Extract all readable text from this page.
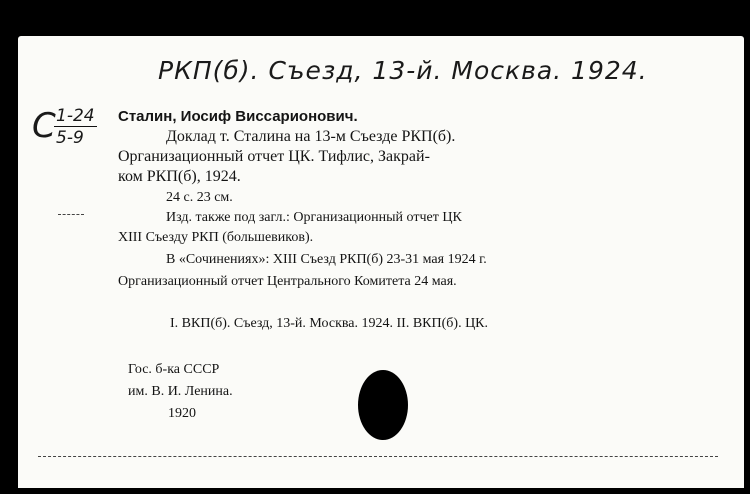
РКП(б). Съезд, 13-й. Москва. 1924.
С 1-24
5-9
Сталин, Иосиф Виссарионович.
Доклад т. Сталина на 13-м Съезде РКП(б).
Организационный отчет ЦК. Тифлис, Закрай-
ком РКП(б), 1924.
24 с. 23 см.
Изд. также под загл.: Организационный отчет ЦК
XIII Съезду РКП (большевиков).
В «Сочинениях»: XIII Съезд РКП(б) 23-31 мая 1924 г.
Организационный отчет Центрального Комитета 24 мая.
I. ВКП(б). Съезд, 13-й. Москва. 1924. II. ВКП(б). ЦК.
Гос. б-ка СССР
им. В. И. Ленина.
1920
